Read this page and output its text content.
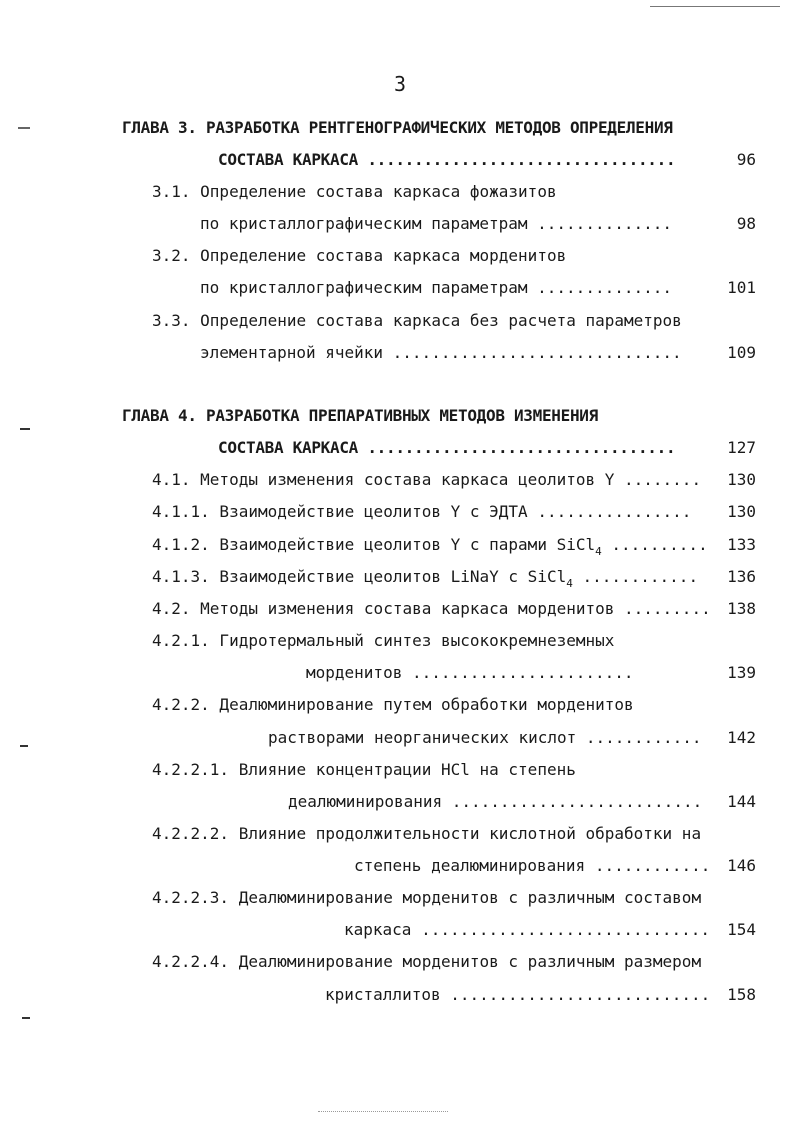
3
ГЛАВА 3. РАЗРАБОТКА РЕНТГЕНОГРАФИЧЕСКИХ МЕТОДОВ ОПРЕДЕЛЕНИЯ
СОСТАВА КАРКАСА .................................	96
3.1. Определение состава каркаса фожазитов
по кристаллографическим параметрам ..............	98
3.2. Определение состава каркаса морденитов
по кристаллографическим параметрам ..............	101
3.3. Определение состава каркаса без расчета параметров
элементарной ячейки ..............................	109
ГЛАВА 4. РАЗРАБОТКА ПРЕПАРАТИВНЫХ МЕТОДОВ ИЗМЕНЕНИЯ
СОСТАВА КАРКАСА .................................	127
4.1. Методы изменения состава каркаса цеолитов Y ........ 130
4.1.1. Взаимодействие цеолитов Y с ЭДТА ................ 130
4.1.2. Взаимодействие цеолитов Y с парами SiCl$_4$ .......... 133
4.1.3. Взаимодействие цеолитов LiNaY с SiCl$_4$ ............ 136
4.2. Методы изменения состава каркаса морденитов ......... 138
4.2.1. Гидротермальный синтез высококремнеземных
морденитов .......................	139
4.2.2. Деалюминирование путем обработки морденитов
растворами неорганических кислот ............ 142
4.2.2.1. Влияние концентрации HCl на степень
деалюминирования .......................... 144
4.2.2.2. Влияние продолжительности кислотной обработки на
степень деалюминирования ............ 146
4.2.2.3. Деалюминирование морденитов с различным составом
каркаса .............................. 154
4.2.2.4. Деалюминирование морденитов с различным размером
кристаллитов ........................... 158
